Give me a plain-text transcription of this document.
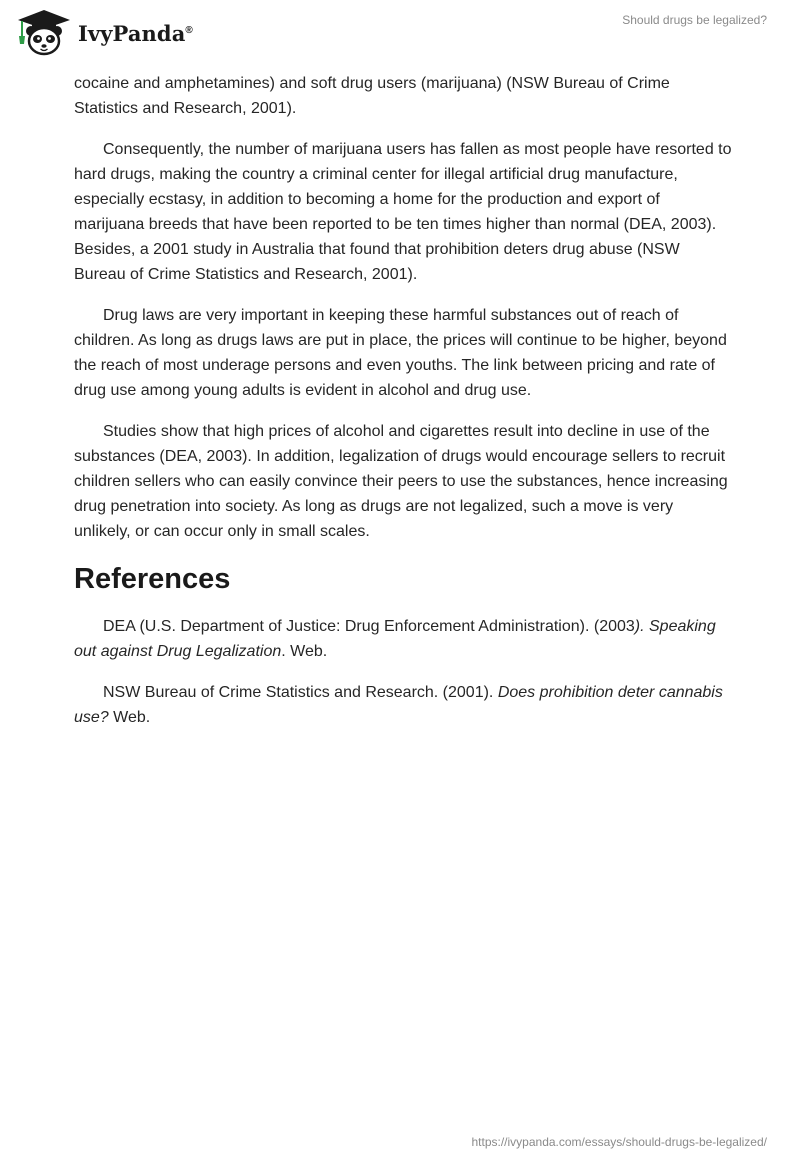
IvyPanda®
Should drugs be legalized?

cocaine and amphetamines) and soft drug users (marijuana) (NSW Bureau of Crime Statistics and Research, 2001).

Consequently, the number of marijuana users has fallen as most people have resorted to hard drugs, making the country a criminal center for illegal artificial drug manufacture, especially ecstasy, in addition to becoming a home for the production and export of marijuana breeds that have been reported to be ten times higher than normal (DEA, 2003). Besides, a 2001 study in Australia that found that prohibition deters drug abuse (NSW Bureau of Crime Statistics and Research, 2001).

Drug laws are very important in keeping these harmful substances out of reach of children. As long as drugs laws are put in place, the prices will continue to be higher, beyond the reach of most underage persons and even youths. The link between pricing and rate of drug use among young adults is evident in alcohol and drug use.

Studies show that high prices of alcohol and cigarettes result into decline in use of the substances (DEA, 2003). In addition, legalization of drugs would encourage sellers to recruit children sellers who can easily convince their peers to use the substances, hence increasing drug penetration into society. As long as drugs are not legalized, such a move is very unlikely, or can occur only in small scales.

References

DEA (U.S. Department of Justice: Drug Enforcement Administration). (2003). Speaking out against Drug Legalization. Web.

NSW Bureau of Crime Statistics and Research. (2001). Does prohibition deter cannabis use? Web.

https://ivypanda.com/essays/should-drugs-be-legalized/
